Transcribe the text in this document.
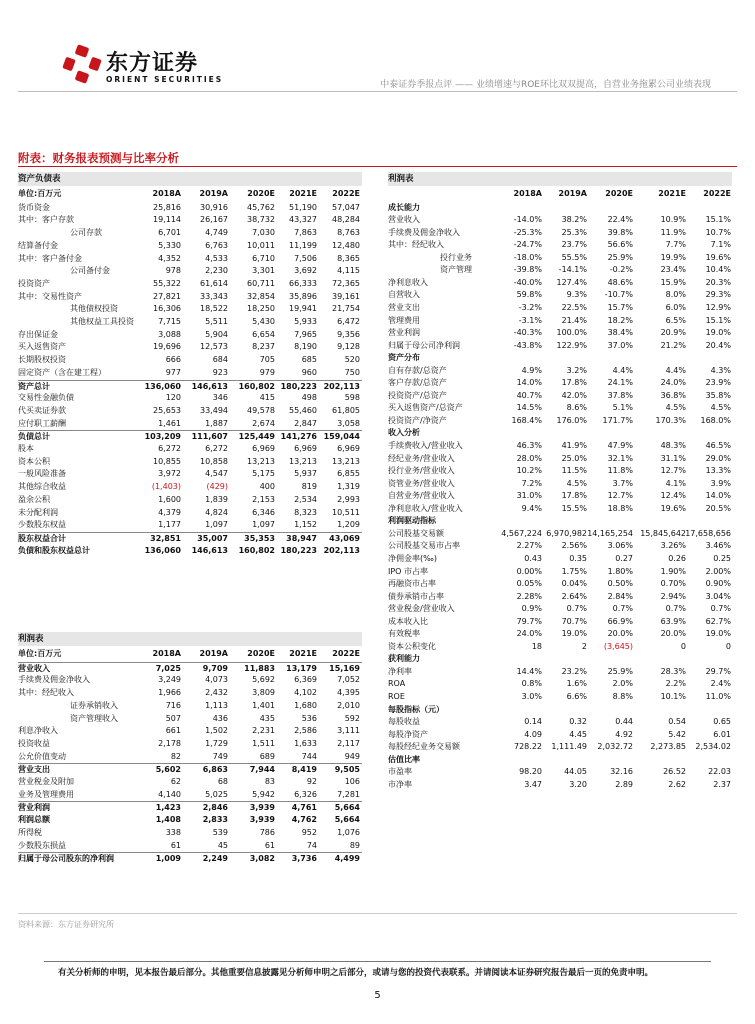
东方证券
ORIENT SECURITIES
中泰证券季报点评 —— 业绩增速与ROE环比双双提高，自营业务拖累公司业绩表现
附表：财务报表预测与比率分析
资产负债表
单位:百万元	2018A 2019A 2020E 2021E 2022E
货币资金	25,816 30,916 45,762 51,190 57,047
其中：客户存款	19,114 26,167 38,732 43,327 48,284
公司存款	6,701	4,749	7,030 7,863	8,763
结算备付金	5,330	6,763 10,011 11,199 12,480
其中：客户备付金	4,352	4,533	6,710 7,506	8,365
公司备付金	978	2,230	3,301 3,692	4,115
投资资产	55,322 61,614 60,711 66,333 72,365
其中：交易性资产	27,821 33,343 32,854 35,896 39,161
其他债权投资	16,306 18,522 18,250 19,941 21,754
其他权益工具投资	7,715	5,511	5,430 5,933	6,472
存出保证金	3,088	5,904	6,654 7,965	9,356
买入返售资产	19,696 12,573	8,237 8,190	9,128
长期股权投资	666	684	705	685	520
固定资产（含在建工程）	977	923	979	960	750
资产总计	136,060 146,613 160,802 180,223 202,113
交易性金融负债	120	346	415	498	598
代买卖证券款	25,653 33,494 49,578 55,460 61,805
应付职工薪酬	1,461	1,887	2,674 2,847	3,058
负债总计	103,209 111,607 125,449 141,276 159,044
股本	6,272	6,272	6,969 6,969	6,969
资本公积	10,855 10,858 13,213 13,213 13,213
一般风险准备	3,972	4,547	5,175 5,937	6,855
其他综合收益	(1,403)	(429)	400	819	1,319
盈余公积	1,600	1,839	2,153 2,534	2,993
未分配利润	4,379	4,824	6,346 8,323 10,511
少数股东权益	1,177	1,097	1,097 1,152	1,209
股东权益合计	32,851 35,007 35,353 38,947 43,069
负债和股东权益总计	136,060 146,613 160,802 180,223 202,113
利润表
单位:百万元	2018A 2019A 2020E 2021E 2022E
营业收入	7,025	9,709 11,883 13,179 15,169
手续费及佣金净收入	3,249	4,073	5,692 6,369	7,052
其中：经纪收入	1,966	2,432	3,809 4,102	4,395
证券承销收入	716	1,113	1,401 1,680	2,010
资产管理收入	507	436	435	536	592
利息净收入	661	1,502	2,231 2,586	3,111
投资收益	2,178	1,729	1,511 1,633	2,117
公允价值变动	82	749	689	744	949
营业支出	5,602	6,863	7,944 8,419 9,505
营业税金及附加	62	68	83	92	106
业务及管理费用	4,140	5,025	5,942 6,326	7,281
营业利润	1,423	2,846	3,939 4,761 5,664
利润总额	1,408	2,833	3,939 4,762 5,664
所得税	338	539	786	952	1,076
少数股东损益	61	45	61	74	89
归属于母公司股东的净利润	1,009	2,249	3,082 3,736 4,499
利润表
2018A 2019A 2020E	2021E 2022E
成长能力
营业收入	-14.0% 38.2%	22.4%	10.9% 15.1%
手续费及佣金净收入	-25.3% 25.3%	39.8%	11.9% 10.7%
其中：经纪收入	-24.7% 23.7%	56.6%	7.7%	7.1%
投行业务	-18.0% 55.5%	25.9%	19.9% 19.6%
资产管理	-39.8% -14.1%	-0.2%	23.4% 10.4%
净利息收入	-40.0% 127.4%	48.6%	15.9% 20.3%
自营收入	59.8%	9.3% -10.7%	8.0% 29.3%
营业支出	-3.2% 22.5%	15.7%	6.0% 12.9%
管理费用	-3.1% 21.4%	18.2%	6.5% 15.1%
营业利润	-40.3% 100.0%	38.4%	20.9% 19.0%
归属于母公司净利润	-43.8% 122.9%	37.0%	21.2% 20.4%
资产分布
自有存款/总资产	4.9%	3.2%	4.4%	4.4%	4.3%
客户存款/总资产	14.0% 17.8%	24.1%	24.0% 23.9%
投资资产/总资产	40.7% 42.0%	37.8%	36.8% 35.8%
买入返售资产/总资产	14.5%	8.6%	5.1%	4.5%	4.5%
投资资产/净资产	168.4% 176.0% 171.7%	170.3% 168.0%
收入分析
手续费收入/营业收入	46.3% 41.9%	47.9%	48.3% 46.5%
经纪业务/营业收入	28.0% 25.0%	32.1%	31.1% 29.0%
投行业务/营业收入	10.2% 11.5%	11.8%	12.7% 13.3%
资管业务/营业收入	7.2%	4.5%	3.7%	4.1%	3.9%
自营业务/营业收入	31.0% 17.8%	12.7%	12.4% 14.0%
净利息收入/营业收入	9.4% 15.5%	18.8%	19.6% 20.5%
利润驱动指标
公司股基交易额	4,567,224 6,970,982 14,165,254 15,845,642 17,658,656
公司股基交易市占率	2.27% 2.56%	3.06%	3.26% 3.46%
净佣金率(‰)	0.43	0.35	0.27	0.26	0.25
IPO 市占率	0.00% 1.75%	1.80%	1.90% 2.00%
再融资市占率	0.05% 0.04%	0.50%	0.70% 0.90%
债券承销市占率	2.28% 2.64%	2.84%	2.94% 3.04%
营业税金/营业收入	0.9%	0.7%	0.7%	0.7%	0.7%
成本收入比	79.7% 70.7%	66.9%	63.9% 62.7%
有效税率	24.0% 19.0%	20.0%	20.0% 19.0%
资本公积变化	18	2 (3,645)	0	0
获利能力
净利率	14.4% 23.2%	25.9%	28.3% 29.7%
ROA	0.8%	1.6%	2.0%	2.2%	2.4%
ROE	3.0%	6.6%	8.8%	10.1% 11.0%
每股指标（元）
每股收益	0.14	0.32	0.44	0.54	0.65
每股净资产	4.09	4.45	4.92	5.42	6.01
每股经纪业务交易额	728.22 1,111.49 2,032.72 2,273.85 2,534.02
估值比率
市盈率	98.20	44.05	32.16	26.52	22.03
市净率	3.47	3.20	2.89	2.62	2.37
资料来源：东方证券研究所
有关分析师的申明，见本报告最后部分。其他重要信息披露见分析师申明之后部分，或请与您的投资代表联系。并请阅读本证券研究报告最后一页的免责申明。
5
